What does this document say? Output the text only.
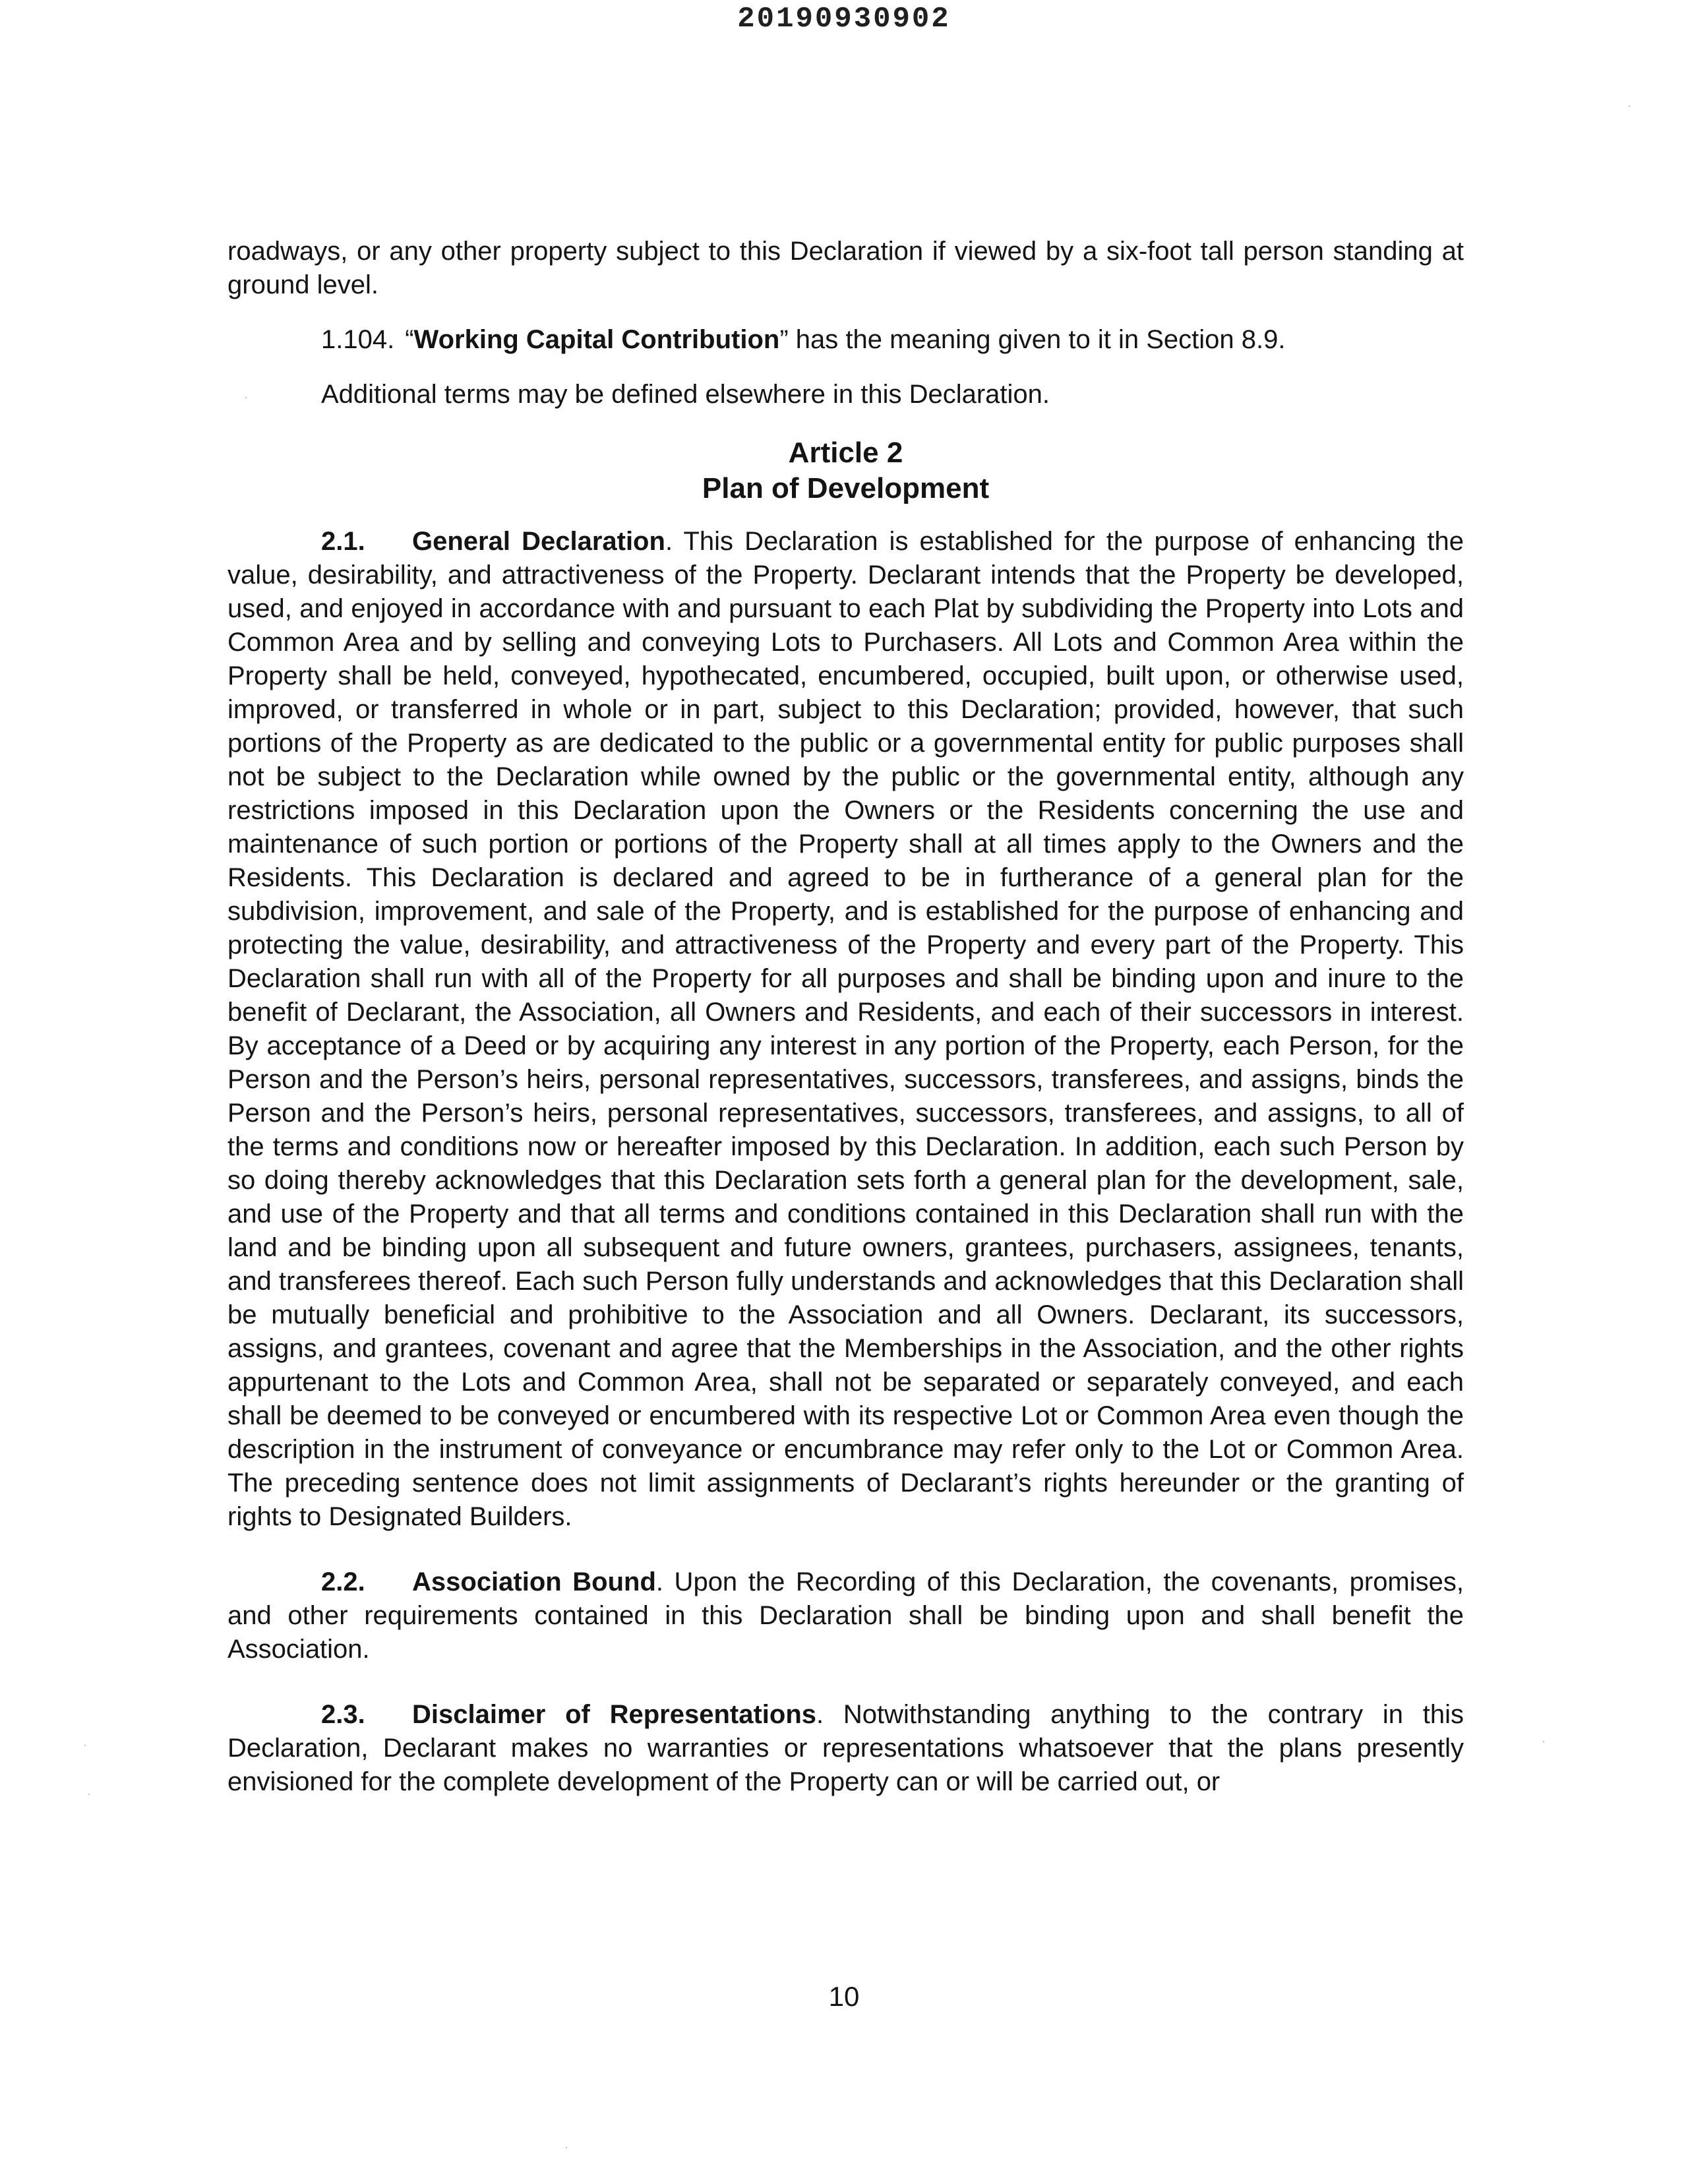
20190930902

roadways, or any other property subject to this Declaration if viewed by a six-foot tall person standing at ground level.

1.104. “Working Capital Contribution” has the meaning given to it in Section 8.9.

Additional terms may be defined elsewhere in this Declaration.

Article 2
Plan of Development

2.1. General Declaration. This Declaration is established for the purpose of enhancing the value, desirability, and attractiveness of the Property. Declarant intends that the Property be developed, used, and enjoyed in accordance with and pursuant to each Plat by subdividing the Property into Lots and Common Area and by selling and conveying Lots to Purchasers. All Lots and Common Area within the Property shall be held, conveyed, hypothecated, encumbered, occupied, built upon, or otherwise used, improved, or transferred in whole or in part, subject to this Declaration; provided, however, that such portions of the Property as are dedicated to the public or a governmental entity for public purposes shall not be subject to the Declaration while owned by the public or the governmental entity, although any restrictions imposed in this Declaration upon the Owners or the Residents concerning the use and maintenance of such portion or portions of the Property shall at all times apply to the Owners and the Residents. This Declaration is declared and agreed to be in furtherance of a general plan for the subdivision, improvement, and sale of the Property, and is established for the purpose of enhancing and protecting the value, desirability, and attractiveness of the Property and every part of the Property. This Declaration shall run with all of the Property for all purposes and shall be binding upon and inure to the benefit of Declarant, the Association, all Owners and Residents, and each of their successors in interest. By acceptance of a Deed or by acquiring any interest in any portion of the Property, each Person, for the Person and the Person’s heirs, personal representatives, successors, transferees, and assigns, binds the Person and the Person’s heirs, personal representatives, successors, transferees, and assigns, to all of the terms and conditions now or hereafter imposed by this Declaration. In addition, each such Person by so doing thereby acknowledges that this Declaration sets forth a general plan for the development, sale, and use of the Property and that all terms and conditions contained in this Declaration shall run with the land and be binding upon all subsequent and future owners, grantees, purchasers, assignees, tenants, and transferees thereof. Each such Person fully understands and acknowledges that this Declaration shall be mutually beneficial and prohibitive to the Association and all Owners. Declarant, its successors, assigns, and grantees, covenant and agree that the Memberships in the Association, and the other rights appurtenant to the Lots and Common Area, shall not be separated or separately conveyed, and each shall be deemed to be conveyed or encumbered with its respective Lot or Common Area even though the description in the instrument of conveyance or encumbrance may refer only to the Lot or Common Area. The preceding sentence does not limit assignments of Declarant’s rights hereunder or the granting of rights to Designated Builders.

2.2. Association Bound. Upon the Recording of this Declaration, the covenants, promises, and other requirements contained in this Declaration shall be binding upon and shall benefit the Association.

2.3. Disclaimer of Representations. Notwithstanding anything to the contrary in this Declaration, Declarant makes no warranties or representations whatsoever that the plans presently envisioned for the complete development of the Property can or will be carried out, or

10
